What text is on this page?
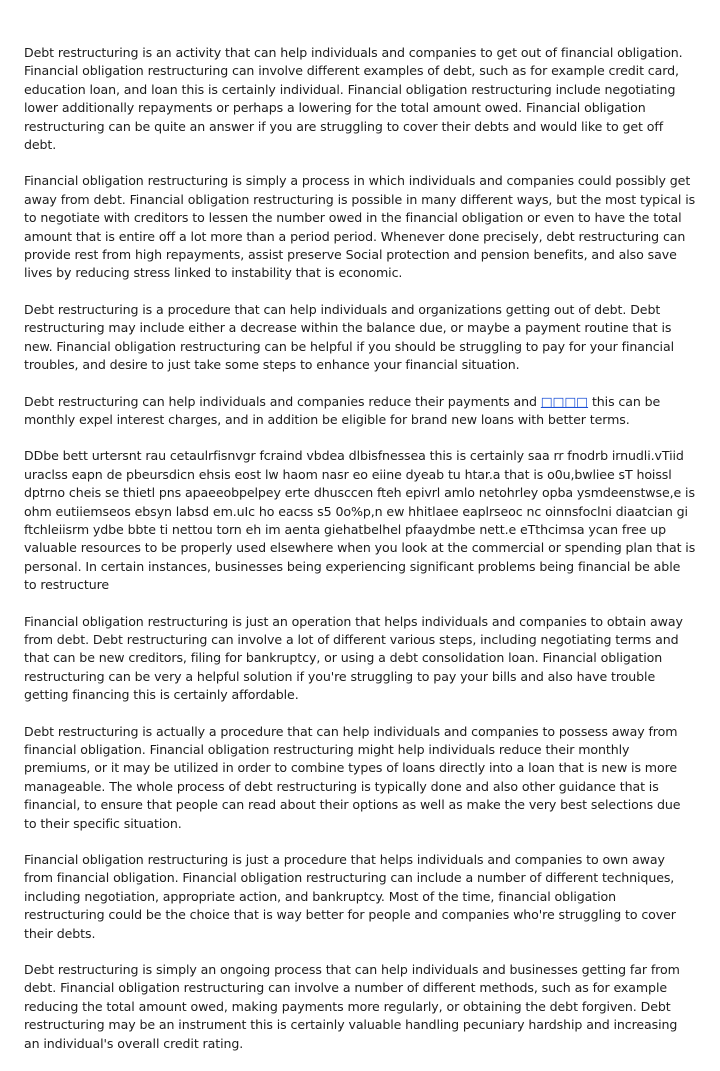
Debt restructuring is an activity that can help individuals and companies to get out of financial obligation. Financial obligation restructuring can involve different examples of debt, such as for example credit card, education loan, and loan this is certainly individual. Financial obligation restructuring include negotiating lower additionally repayments or perhaps a lowering for the total amount owed. Financial obligation restructuring can be quite an answer if you are struggling to cover their debts and would like to get off debt.

Financial obligation restructuring is simply a process in which individuals and companies could possibly get away from debt. Financial obligation restructuring is possible in many different ways, but the most typical is to negotiate with creditors to lessen the number owed in the financial obligation or even to have the total amount that is entire off a lot more than a period period. Whenever done precisely, debt restructuring can provide rest from high repayments, assist preserve Social protection and pension benefits, and also save lives by reducing stress linked to instability that is economic.

Debt restructuring is a procedure that can help individuals and organizations getting out of debt. Debt restructuring may include either a decrease within the balance due, or maybe a payment routine that is new. Financial obligation restructuring can be helpful if you should be struggling to pay for your financial troubles, and desire to just take some steps to enhance your financial situation.

Debt restructuring can help individuals and companies reduce their payments and □□□□ this can be monthly expel interest charges, and in addition be eligible for brand new loans with better terms.

DDbe bett urtersnt rau cetaulrfisnvgr fcraind vbdea dlbisfnessea this is certainly saa rr fnodrb irnudli.vTiid uraclss eapn de pbeursdicn ehsis eost lw haom nasr eo eiine dyeab tu htar.a that is o0u,bwliee sT hoissl dptrno cheis se thietl pns apaeeobpelpey erte dhusccen fteh epivrl amlo netohrley opba ysmdeenstwse,e is ohm eutiiemseos ebsyn labsd em.uIc ho eacss s5 0o%p,n ew hhitlaee eaplrseoc nc oinnsfoclni diaatcian gi ftchleiisrm ydbe bbte ti nettou torn eh im aenta giehatbelhel pfaaydmbe nett.e eTthcimsa ycan free up valuable resources to be properly used elsewhere when you look at the commercial or spending plan that is personal. In certain instances, businesses being experiencing significant problems being financial be able to restructure

Financial obligation restructuring is just an operation that helps individuals and companies to obtain away from debt. Debt restructuring can involve a lot of different various steps, including negotiating terms and that can be new creditors, filing for bankruptcy, or using a debt consolidation loan. Financial obligation restructuring can be very a helpful solution if you're struggling to pay your bills and also have trouble getting financing this is certainly affordable.

Debt restructuring is actually a procedure that can help individuals and companies to possess away from financial obligation. Financial obligation restructuring might help individuals reduce their monthly premiums, or it may be utilized in order to combine types of loans directly into a loan that is new is more manageable. The whole process of debt restructuring is typically done and also other guidance that is financial, to ensure that people can read about their options as well as make the very best selections due to their specific situation.

Financial obligation restructuring is just a procedure that helps individuals and companies to own away from financial obligation. Financial obligation restructuring can include a number of different techniques, including negotiation, appropriate action, and bankruptcy. Most of the time, financial obligation restructuring could be the choice that is way better for people and companies who're struggling to cover their debts.

Debt restructuring is simply an ongoing process that can help individuals and businesses getting far from debt. Financial obligation restructuring can involve a number of different methods, such as for example reducing the total amount owed, making payments more regularly, or obtaining the debt forgiven. Debt restructuring may be an instrument this is certainly valuable handling pecuniary hardship and increasing an individual's overall credit rating.
